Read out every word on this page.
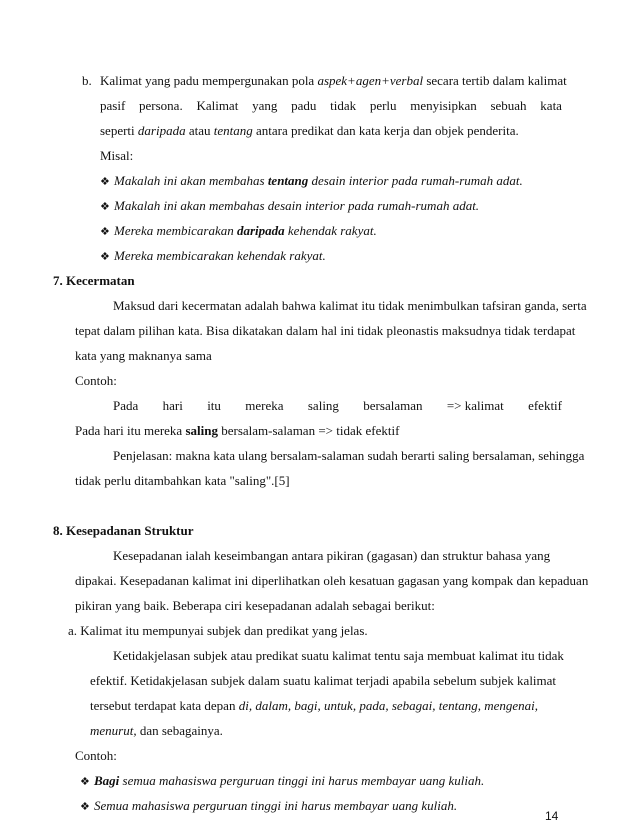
b. Kalimat yang padu mempergunakan pola aspek+agen+verbal secara tertib dalam kalimat
pasif persona. Kalimat yang padu tidak perlu menyisipkan sebuah kata
seperti daripada atau tentang antara predikat dan kata kerja dan objek penderita.
Misal:
❖ Makalah ini akan membahas tentang desain interior pada rumah-rumah adat.
❖ Makalah ini akan membahas desain interior pada rumah-rumah adat.
❖ Mereka membicarakan daripada kehendak rakyat.
❖ Mereka membicarakan kehendak rakyat.
7. Kecermatan
Maksud dari kecermatan adalah bahwa kalimat itu tidak menimbulkan tafsiran ganda, serta
tepat dalam pilihan kata. Bisa dikatakan dalam hal ini tidak pleonastis maksudnya tidak terdapat
kata yang maknanya sama
Contoh:
Pada hari itu mereka saling bersalaman => kalimat efektif
Pada hari itu mereka saling bersalam-salaman => tidak efektif
Penjelasan: makna kata ulang bersalam-salaman sudah berarti saling bersalaman, sehingga
tidak perlu ditambahkan kata "saling".[5]
8. Kesepadanan Struktur
Kesepadanan ialah keseimbangan antara pikiran (gagasan) dan struktur bahasa yang
dipakai. Kesepadanan kalimat ini diperlihatkan oleh kesatuan gagasan yang kompak dan kepaduan
pikiran yang baik. Beberapa ciri kesepadanan adalah sebagai berikut:
a. Kalimat itu mempunyai subjek dan predikat yang jelas.
Ketidakjelasan subjek atau predikat suatu kalimat tentu saja membuat kalimat itu tidak
efektif. Ketidakjelasan subjek dalam suatu kalimat terjadi apabila sebelum subjek kalimat
tersebut terdapat kata depan di, dalam, bagi, untuk, pada, sebagai, tentang, mengenai,
menurut, dan sebagainya.
Contoh:
❖ Bagi semua mahasiswa perguruan tinggi ini harus membayar uang kuliah.
❖ Semua mahasiswa perguruan tinggi ini harus membayar uang kuliah.
14
